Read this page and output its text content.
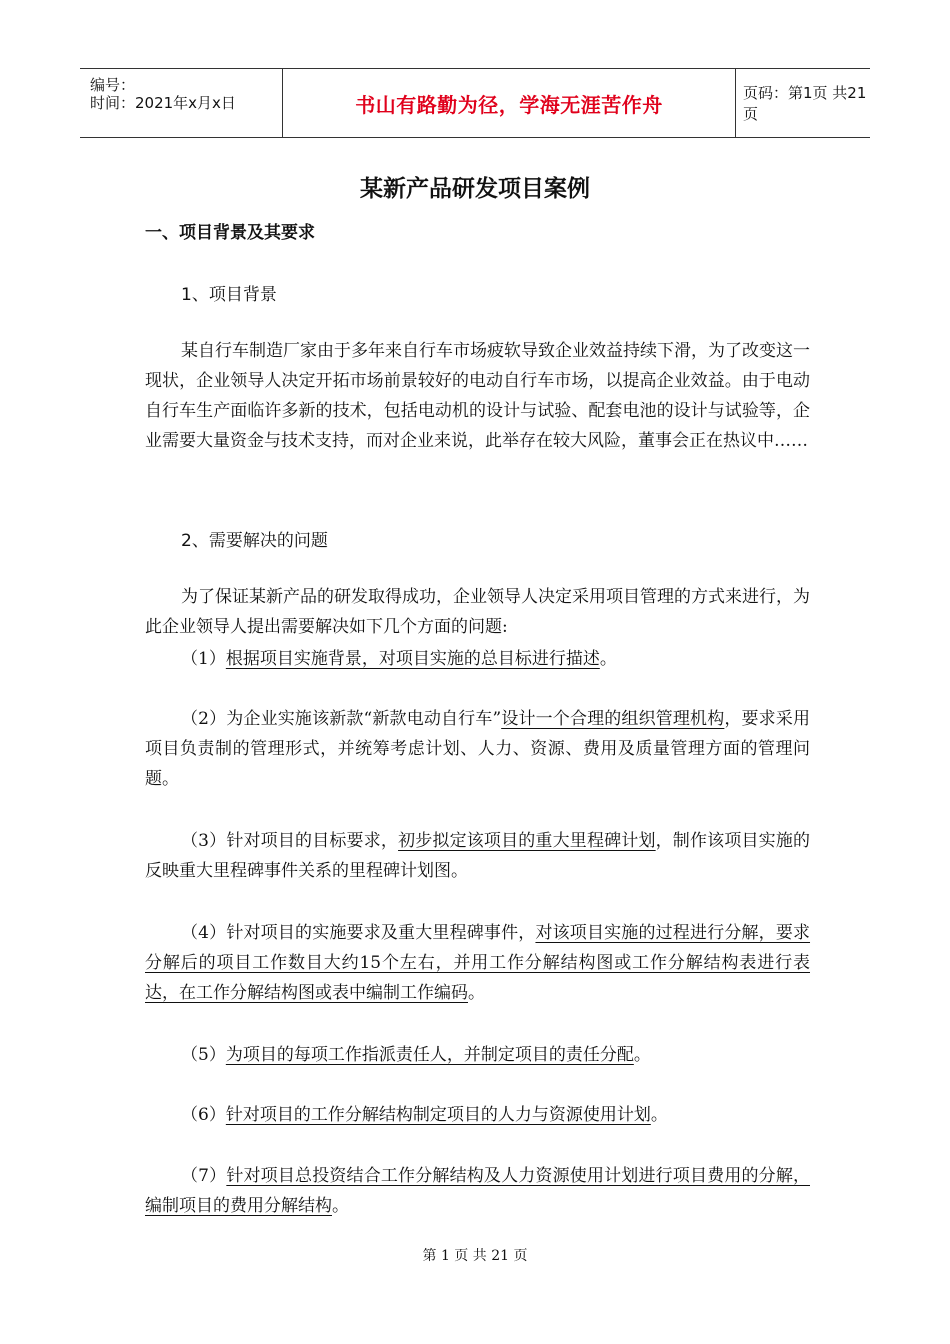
编号：
时间：2021年x月x日	书山有路勤为径，学海无涯苦作舟	页码：第1页 共21页
某新产品研发项目案例
一、项目背景及其要求
1、项目背景
某自行车制造厂家由于多年来自行车市场疲软导致企业效益持续下滑，为了改变这一现状，企业领导人决定开拓市场前景较好的电动自行车市场，以提高企业效益。由于电动自行车生产面临许多新的技术，包括电动机的设计与试验、配套电池的设计与试验等，企业需要大量资金与技术支持，而对企业来说，此举存在较大风险，董事会正在热议中……
2、需要解决的问题
为了保证某新产品的研发取得成功，企业领导人决定采用项目管理的方式来进行，为此企业领导人提出需要解决如下几个方面的问题:
（1）根据项目实施背景，对项目实施的总目标进行描述。
（2）为企业实施该新款“新款电动自行车”设计一个合理的组织管理机构，要求采用项目负责制的管理形式，并统筹考虑计划、人力、资源、费用及质量管理方面的管理问题。
（3）针对项目的目标要求，初步拟定该项目的重大里程碑计划，制作该项目实施的反映重大里程碑事件关系的里程碑计划图。
（4）针对项目的实施要求及重大里程碑事件，对该项目实施的过程进行分解，要求分解后的项目工作数目大约15个左右，并用工作分解结构图或工作分解结构表进行表达，在工作分解结构图或表中编制工作编码。
（5）为项目的每项工作指派责任人，并制定项目的责任分配。
（6）针对项目的工作分解结构制定项目的人力与资源使用计划。
（7）针对项目总投资结合工作分解结构及人力资源使用计划进行项目费用的分解，编制项目的费用分解结构。
第 1 页 共 21 页
